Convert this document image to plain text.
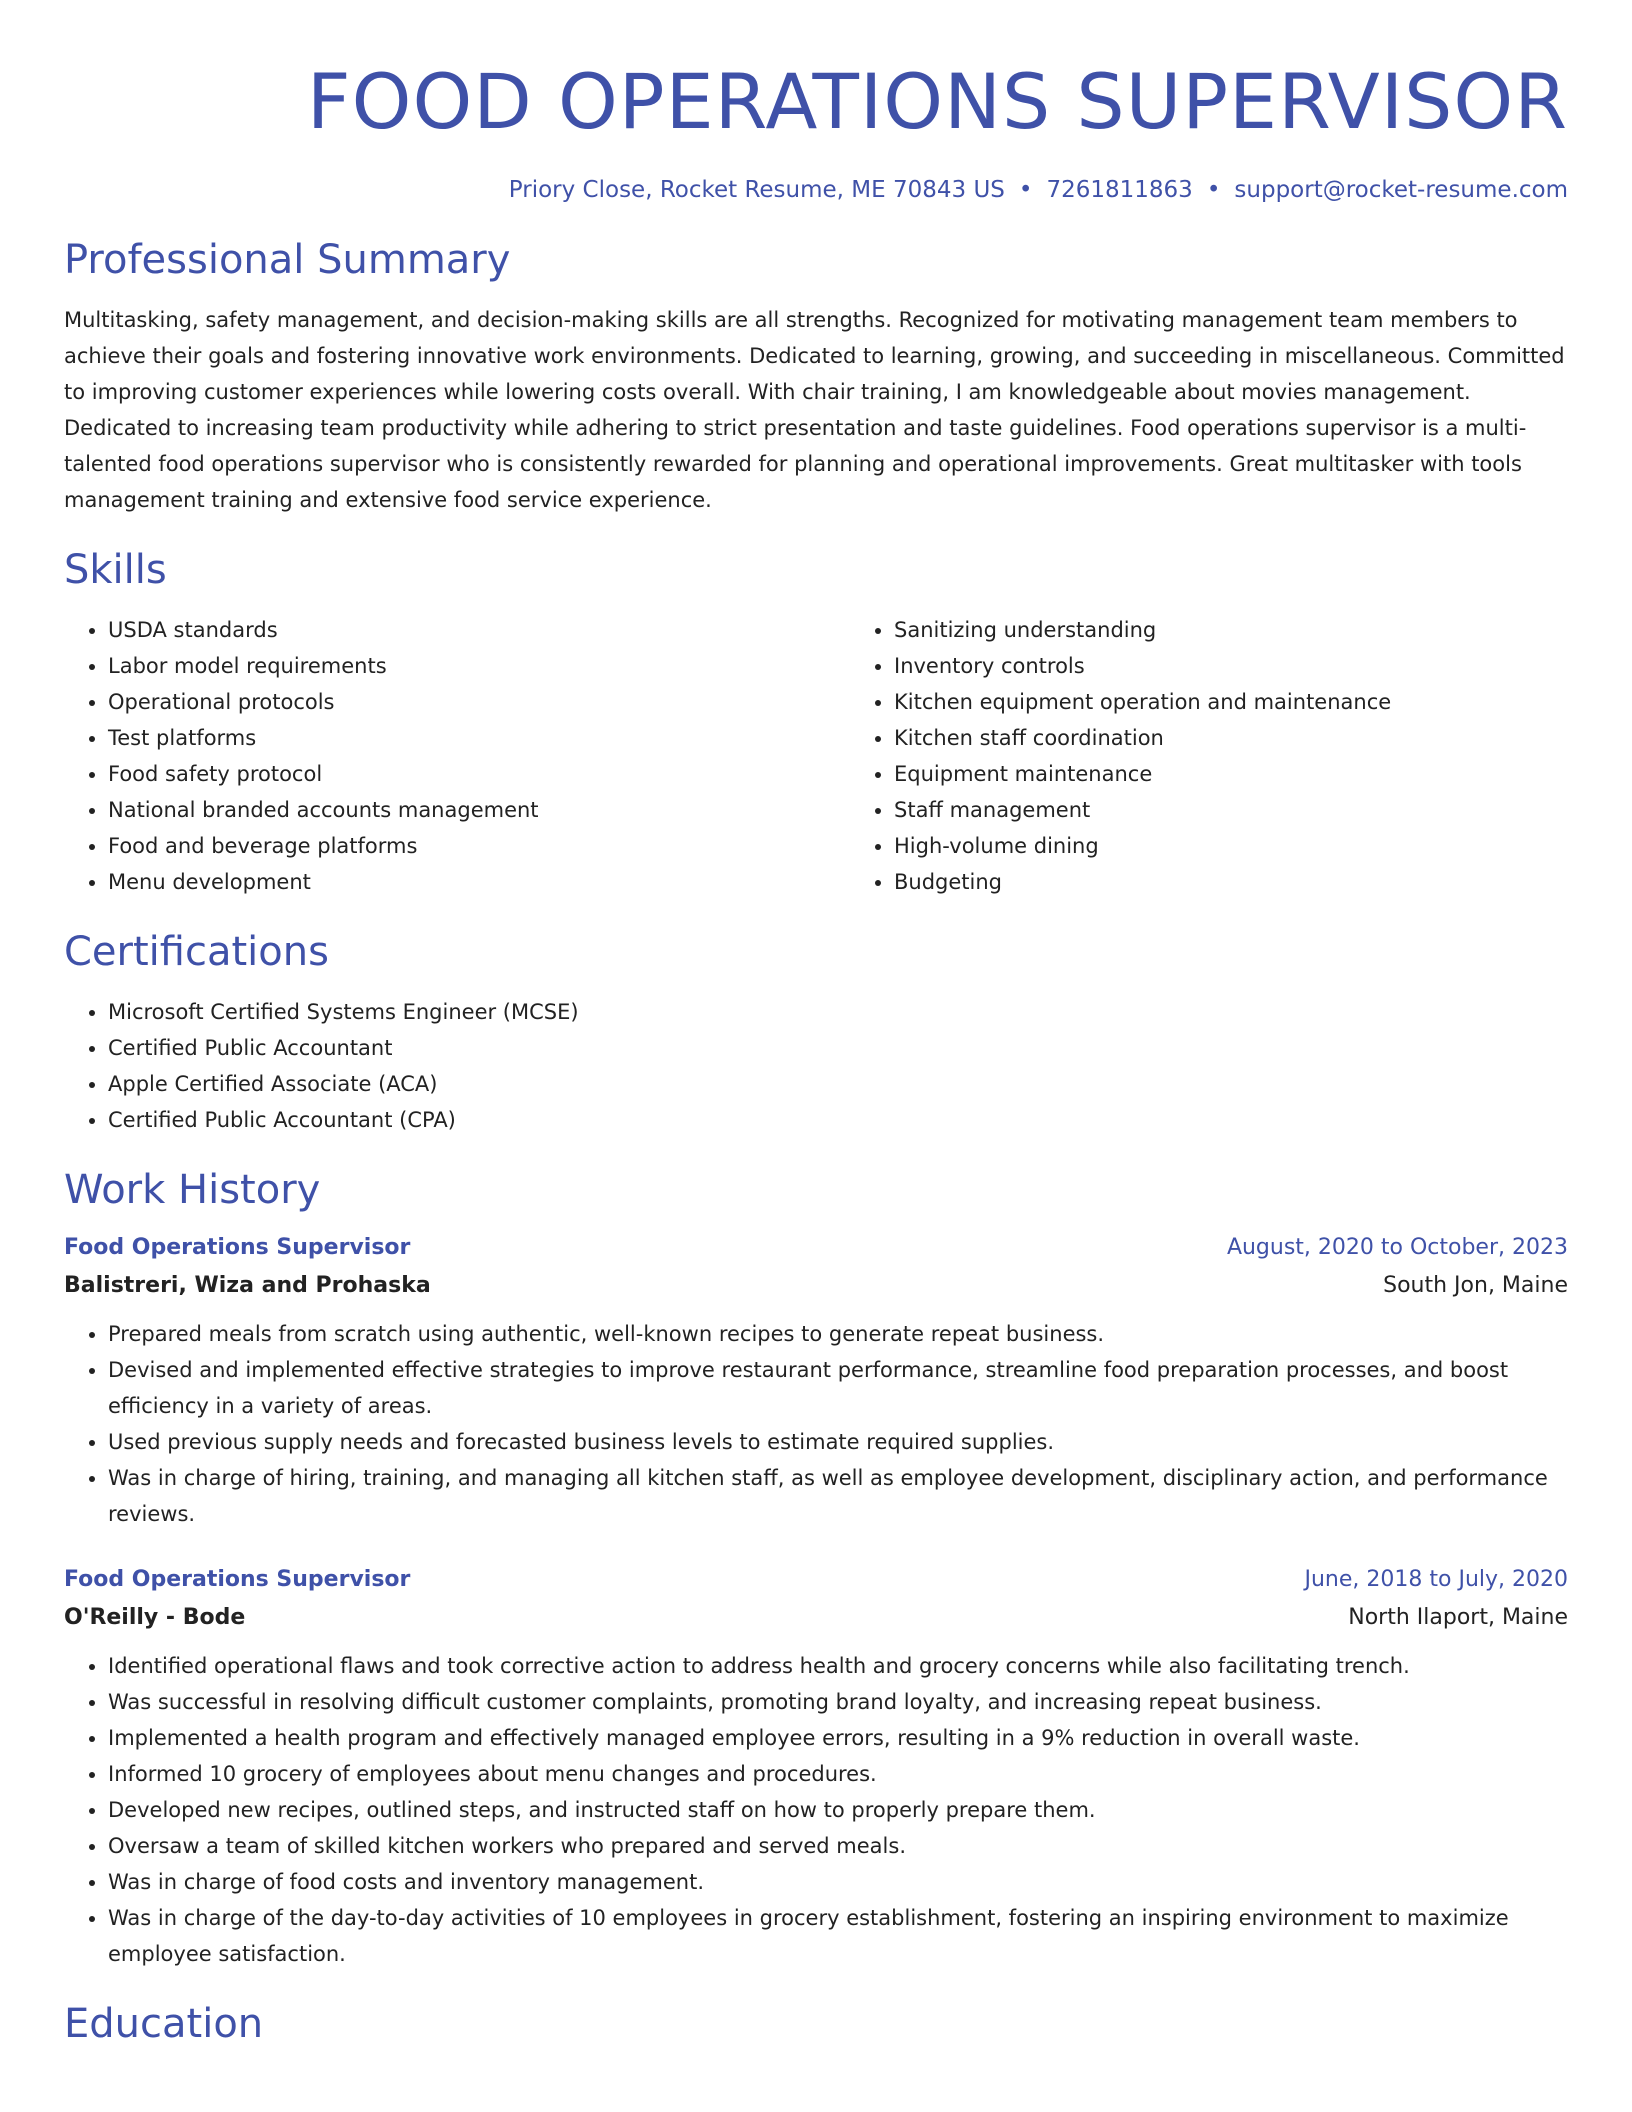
FOOD OPERATIONS SUPERVISOR
Priory Close, Rocket Resume, ME 70843 US • 7261811863 • support@rocket-resume.com
Professional Summary

Multitasking, safety management, and decision-making skills are all strengths. Recognized for motivating management team members to achieve their goals and fostering innovative work environments. Dedicated to learning, growing, and succeeding in miscellaneous. Committed to improving customer experiences while lowering costs overall. With chair training, I am knowledgeable about movies management. Dedicated to increasing team productivity while adhering to strict presentation and taste guidelines. Food operations supervisor is a multi-talented food operations supervisor who is consistently rewarded for planning and operational improvements. Great multitasker with tools management training and extensive food service experience.

Skills
• USDA standards
• Labor model requirements
• Operational protocols
• Test platforms
• Food safety protocol
• National branded accounts management
• Food and beverage platforms
• Menu development
• Sanitizing understanding
• Inventory controls
• Kitchen equipment operation and maintenance
• Kitchen staff coordination
• Equipment maintenance
• Staff management
• High-volume dining
• Budgeting
Certifications
• Microsoft Certified Systems Engineer (MCSE)
• Certified Public Accountant
• Apple Certified Associate (ACA)
• Certified Public Accountant (CPA)
Work History
Food Operations Supervisor	August, 2020 to October, 2023
Balistreri, Wiza and Prohaska	South Jon, Maine
• Prepared meals from scratch using authentic, well-known recipes to generate repeat business.
• Devised and implemented effective strategies to improve restaurant performance, streamline food preparation processes, and boost efficiency in a variety of areas.
• Used previous supply needs and forecasted business levels to estimate required supplies.
• Was in charge of hiring, training, and managing all kitchen staff, as well as employee development, disciplinary action, and performance reviews.
Food Operations Supervisor	June, 2018 to July, 2020
O'Reilly - Bode	North Ilaport, Maine
• Identified operational flaws and took corrective action to address health and grocery concerns while also facilitating trench.
• Was successful in resolving difficult customer complaints, promoting brand loyalty, and increasing repeat business.
• Implemented a health program and effectively managed employee errors, resulting in a 9% reduction in overall waste.
• Informed 10 grocery of employees about menu changes and procedures.
• Developed new recipes, outlined steps, and instructed staff on how to properly prepare them.
• Oversaw a team of skilled kitchen workers who prepared and served meals.
• Was in charge of food costs and inventory management.
• Was in charge of the day-to-day activities of 10 employees in grocery establishment, fostering an inspiring environment to maximize employee satisfaction.
Education
